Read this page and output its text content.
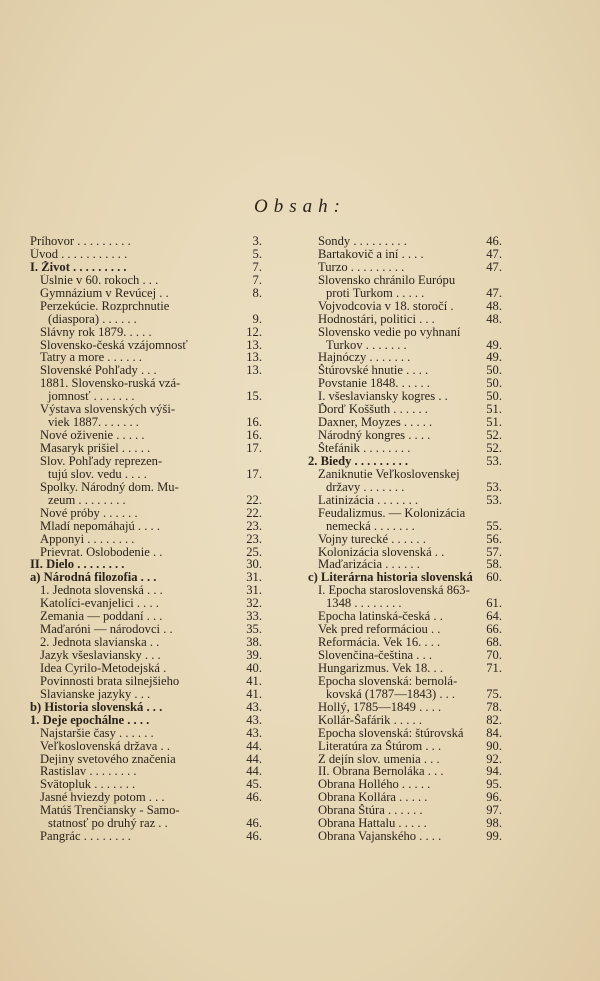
Obsah:
Príhovor . . . . . . . . .	3.
Úvod . . . . . . . . . . .	5.
I. Život . . . . . . . . .	7.
Úslnie v 60. rokoch . . .	7.
Gymnázium v Revúcej . .	8.
Perzekúcie. Rozprchnutie
(diaspora) . . . . . .	9.
Slávny rok 1879. . . . .	12.
Slovensko-česká vzájomnosť	13.
Tatry a more . . . . . .	13.
Slovenské Pohľady . . .	13.
1881. Slovensko-ruská vzá-
jomnosť . . . . . . .	15.
Výstava slovenských výši-
viek 1887. . . . . . .	16.
Nové oživenie . . . . .	16.
Masaryk prišiel . . . . .	17.
Slov. Pohľady reprezen-
tujú slov. vedu . . . .	17.
Spolky. Národný dom. Mu-
zeum . . . . . . . .	22.
Nové próby . . . . . .	22.
Mladí nepomáhajú . . . .	23.
Apponyi . . . . . . . .	23.
Prievrat. Oslobodenie . .	25.
II. Dielo . . . . . . . .	30.
a) Národná filozofia . . .	31.
1. Jednota slovenská . . .	31.
Katolíci-evanjelici . . . .	32.
Zemania — poddaní . . .	33.
Maďaróni — národovci . .	35.
2. Jednota slavianska . .	38.
Jazyk všeslaviansky . . .	39.
Idea Cyrilo-Metodejská .	40.
Povinnosti brata silnejšieho	41.
Slavianske jazyky . . .	41.
b) Historia slovenská . . .	43.
1. Deje epochálne . . . .	43.
Najstaršie časy . . . . . .	43.
Veľkoslovenská država . .	44.
Dejiny svetového značenia	44.
Rastislav . . . . . . . .	44.
Svätopluk . . . . . . .	45.
Jasné hviezdy potom . . .	46.
Matúš Trenčiansky - Samo-
statnosť po druhý raz . .	46.
Pangrác . . . . . . . .	46.
Sondy . . . . . . . . .	46.
Bartakovič a iní . . . .	47.
Turzo . . . . . . . . .	47.
Slovensko chránilo Európu
proti Turkom . . . . .	47.
Vojvodcovia v 18. storočí .	48.
Hodnostári, politici . . .	48.
Slovensko vedie po vyhnaní
Turkov . . . . . . .	49.
Hajnóczy . . . . . . .	49.
Štúrovské hnutie . . . .	50.
Povstanie 1848. . . . . .	50.
I. všeslaviansky kogres . .	50.
Ďorď Koššuth . . . . . .	51.
Daxner, Moyzes . . . . .	51.
Národný kongres . . . .	52.
Štefánik . . . . . . . .	52.
2. Biedy . . . . . . . . .	53.
Zaniknutie Veľkoslovenskej
državy . . . . . . .	53.
Latinizácia . . . . . . .	53.
Feudalizmus. — Kolonizácia
nemecká . . . . . . .	55.
Vojny turecké . . . . . .	56.
Kolonizácia slovenská . .	57.
Maďarizácia . . . . . .	58.
c) Literárna historia slovenská	60.
I. Epocha staroslovenská 863-
1348 . . . . . . . .	61.
Epocha latinská-česká . .	64.
Vek pred reformáciou . .	66.
Reformácia. Vek 16. . . .	68.
Slovenčina-čeština . . .	70.
Hungarizmus. Vek 18. . .	71.
Epocha slovenská: bernolá-
kovská (1787—1843) . . .	75.
Hollý, 1785—1849 . . . .	78.
Kollár-Šafárik . . . . .	82.
Epocha slovenská: štúrovská	84.
Literatúra za Štúrom . . .	90.
Z dejín slov. umenia . . .	92.
II. Obrana Bernoláka . . .	94.
Obrana Hollého . . . . .	95.
Obrana Kollára . . . . .	96.
Obrana Štúra . . . . . .	97.
Obrana Hattalu . . . . .	98.
Obrana Vajanského . . . .	99.
